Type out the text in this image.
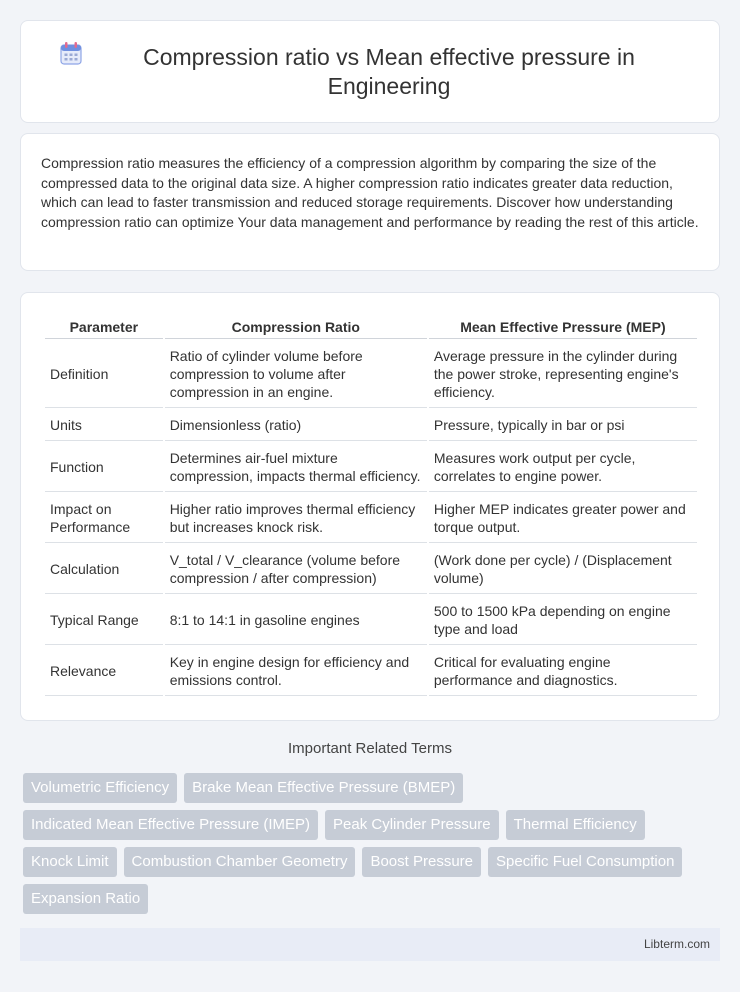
Compression ratio vs Mean effective pressure in Engineering

Compression ratio measures the efficiency of a compression algorithm by comparing the size of the compressed data to the original data size. A higher compression ratio indicates greater data reduction, which can lead to faster transmission and reduced storage requirements. Discover how understanding compression ratio can optimize Your data management and performance by reading the rest of this article.

Parameter	Compression Ratio	Mean Effective Pressure (MEP)
Definition	Ratio of cylinder volume before compression to volume after compression in an engine.	Average pressure in the cylinder during the power stroke, representing engine's efficiency.
Units	Dimensionless (ratio)	Pressure, typically in bar or psi
Function	Determines air-fuel mixture compression, impacts thermal efficiency.	Measures work output per cycle, correlates to engine power.
Impact on Performance	Higher ratio improves thermal efficiency but increases knock risk.	Higher MEP indicates greater power and torque output.
Calculation	V_total / V_clearance (volume before compression / after compression)	(Work done per cycle) / (Displacement volume)
Typical Range	8:1 to 14:1 in gasoline engines	500 to 1500 kPa depending on engine type and load
Relevance	Key in engine design for efficiency and emissions control.	Critical for evaluating engine performance and diagnostics.
Important Related Terms
Volumetric Efficiency	Brake Mean Effective Pressure (BMEP)
Indicated Mean Effective Pressure (IMEP)	Peak Cylinder Pressure	Thermal Efficiency
Knock Limit	Combustion Chamber Geometry	Boost Pressure	Specific Fuel Consumption
Expansion Ratio
Libterm.com
